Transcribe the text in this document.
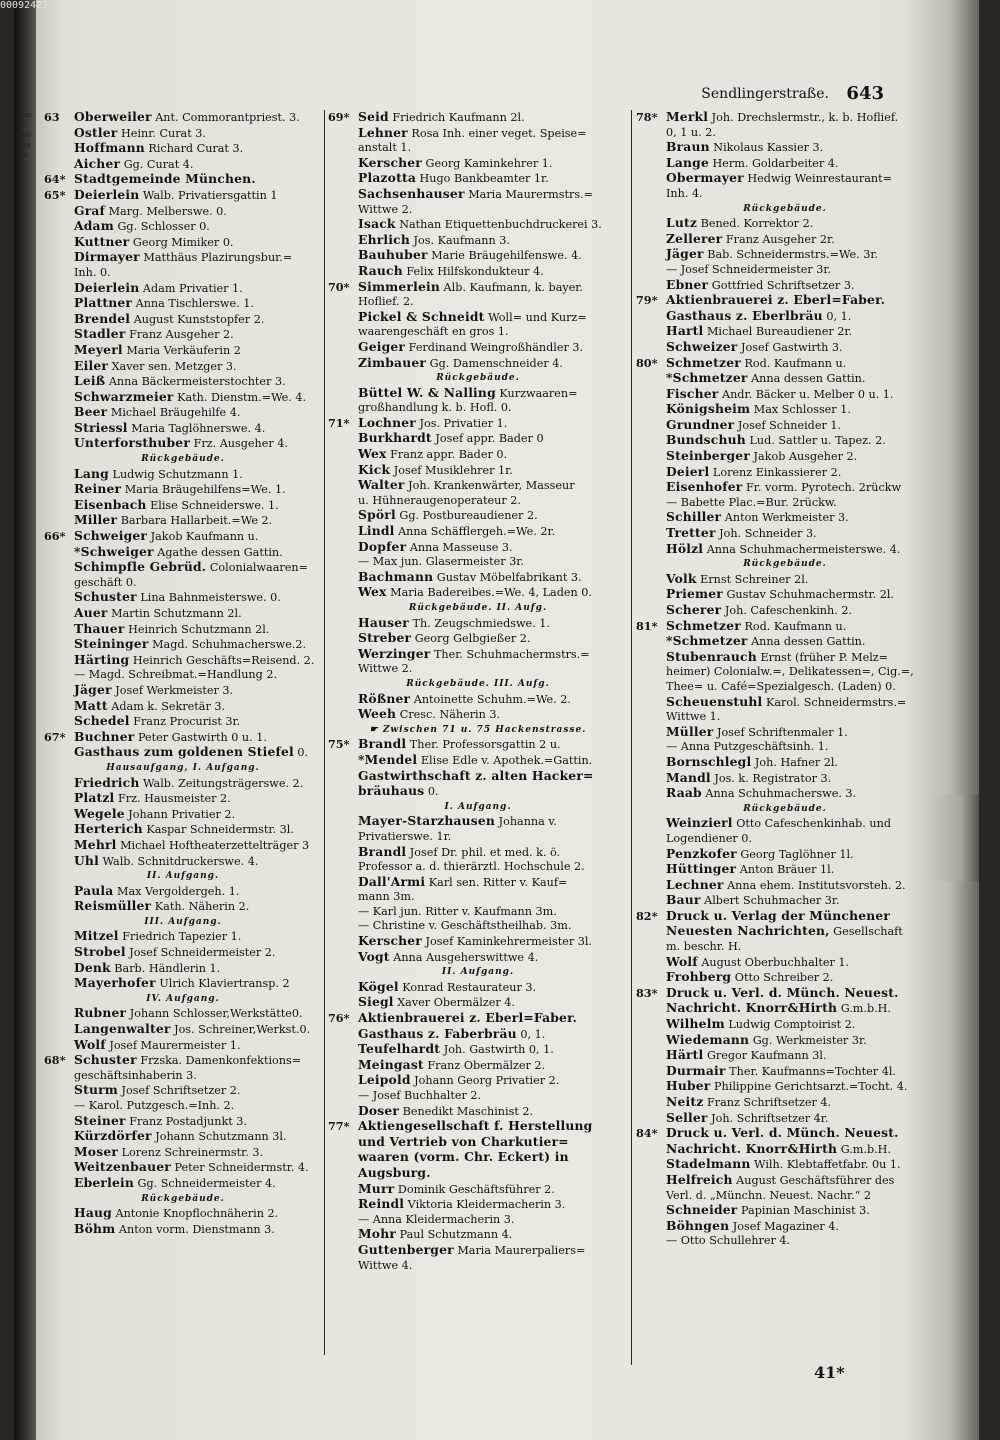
sgasse Wollwaaren
Sendlingerstraße. 643
63 Oberweiler Ant. Commorantpriest. 3.
Ostler Heinr. Curat 3.
Hoffmann Richard Curat 3.
Aicher Gg. Curat 4.
64* Stadtgemeinde München.
65* Deierlein Walb. Privatiersgattin 1
Graf Marg. Melberswe. 0.
Adam Gg. Schlosser 0.
Kuttner Georg Mimiker 0.
Dirmayer Matthäus Plazirungsbur.=
Inh. 0.
Deierlein Adam Privatier 1.
Plattner Anna Tischlerswe. 1.
Brendel August Kunststopfer 2.
Stadler Franz Ausgeher 2.
Meyerl Maria Verkäuferin 2
Eiler Xaver sen. Metzger 3.
Leiß Anna Bäckermeisterstochter 3.
Schwarzmeier Kath. Dienstm.=We. 4.
Beer Michael Bräugehilfe 4.
Striessl Maria Taglöhnerswe. 4.
Unterforsthuber Frz. Ausgeher 4.
Rückgebäude.
Lang Ludwig Schutzmann 1.
Reiner Maria Bräugehilfens=We. 1.
Eisenbach Elise Schneiderswe. 1.
Miller Barbara Hallarbeit.=We 2.
66* Schweiger Jakob Kaufmann u.
*Schweiger Agathe dessen Gattin.
Schimpfle Gebrüd. Colonialwaaren=
geschäft 0.
Schuster Lina Bahnmeisterswe. 0.
Auer Martin Schutzmann 2l.
Thauer Heinrich Schutzmann 2l.
Steininger Magd. Schuhmacherswe.2.
Härting Heinrich Geschäfts=Reisend. 2.
— Magd. Schreibmat.=Handlung 2.
Jäger Josef Werkmeister 3.
Matt Adam k. Sekretär 3.
Schedel Franz Procurist 3r.
67* Buchner Peter Gastwirth 0 u. 1.
Gasthaus zum goldenen Stiefel 0.
Hausaufgang, I. Aufgang.
Friedrich Walb. Zeitungsträgerswe. 2.
Platzl Frz. Hausmeister 2.
Wegele Johann Privatier 2.
Herterich Kaspar Schneidermstr. 3l.
Mehrl Michael Hoftheaterzettelträger 3
Uhl Walb. Schnitdruckerswe. 4.
II. Aufgang.
Paula Max Vergoldergeh. 1.
Reismüller Kath. Näherin 2.
III. Aufgang.
Mitzel Friedrich Tapezier 1.
Strobel Josef Schneidermeister 2.
Denk Barb. Händlerin 1.
Mayerhofer Ulrich Klaviertransp. 2
IV. Aufgang.
Rubner Johann Schlosser,Werkstätte0.
Langenwalter Jos. Schreiner,Werkst.0.
Wolf Josef Maurermeister 1.
68* Schuster Frzska. Damenkonfektions=
geschäftsinhaberin 3.
Sturm Josef Schriftsetzer 2.
— Karol. Putzgesch.=Inh. 2.
Steiner Franz Postadjunkt 3.
Kürzdörfer Johann Schutzmann 3l.
Moser Lorenz Schreinermstr. 3.
Weitzenbauer Peter Schneidermstr. 4.
Eberlein Gg. Schneidermeister 4.
Rückgebäude.
Haug Antonie Knopflochnäherin 2.
Böhm Anton vorm. Dienstmann 3.
69* Seid Friedrich Kaufmann 2l.
Lehner Rosa Inh. einer veget. Speise=
anstalt 1.
Kerscher Georg Kaminkehrer 1.
Plazotta Hugo Bankbeamter 1r.
Sachsenhauser Maria Maurermstrs.=
Wittwe 2.
Isack Nathan Etiquettenbuchdruckerei 3.
Ehrlich Jos. Kaufmann 3.
Bauhuber Marie Bräugehilfenswe. 4.
Rauch Felix Hilfskondukteur 4.
70* Simmerlein Alb. Kaufmann, k. bayer.
Hoflief. 2.
Pickel & Schneidt Woll= und Kurz=
waarengeschäft en gros 1.
Geiger Ferdinand Weingroßhändler 3.
Zimbauer Gg. Damenschneider 4.
Rückgebäude.
Büttel W. & Nalling Kurzwaaren=
großhandlung k. b. Hofl. 0.
71* Lochner Jos. Privatier 1.
Burkhardt Josef appr. Bader 0
Wex Franz appr. Bader 0.
Kick Josef Musiklehrer 1r.
Walter Joh. Krankenwärter, Masseur
u. Hühneraugenoperateur 2.
Spörl Gg. Postbureaudiener 2.
Lindl Anna Schäfflergeh.=We. 2r.
Dopfer Anna Masseuse 3.
— Max jun. Glasermeister 3r.
Bachmann Gustav Möbelfabrikant 3.
Wex Maria Badereibes.=We. 4, Laden 0.
Rückgebäude. II. Aufg.
Hauser Th. Zeugschmiedswe. 1.
Streber Georg Gelbgießer 2.
Werzinger Ther. Schuhmachermstrs.=
Wittwe 2.
Rückgebäude. III. Aufg.
Rößner Antoinette Schuhm.=We. 2.
Weeh Cresc. Näherin 3.
☛ Zwischen 71 u. 75 Hackenstrasse.
75* Brandl Ther. Professorsgattin 2 u.
*Mendel Elise Edle v. Apothek.=Gattin.
Gastwirthschaft z. alten Hacker=
bräuhaus 0.
I. Aufgang.
Mayer-Starzhausen Johanna v.
Privatierswe. 1r.
Brandl Josef Dr. phil. et med. k. ö.
Professor a. d. thierärztl. Hochschule 2.
Dall'Armi Karl sen. Ritter v. Kauf=
mann 3m.
— Karl jun. Ritter v. Kaufmann 3m.
— Christine v. Geschäftstheilhab. 3m.
Kerscher Josef Kaminkehrermeister 3l.
Vogt Anna Ausgeherswittwe 4.
II. Aufgang.
Kögel Konrad Restaurateur 3.
Siegl Xaver Obermälzer 4.
76* Aktienbrauerei z. Eberl=Faber.
Gasthaus z. Faberbräu 0, 1.
Teufelhardt Joh. Gastwirth 0, 1.
Meingast Franz Obermälzer 2.
Leipold Johann Georg Privatier 2.
— Josef Buchhalter 2.
Doser Benedikt Maschinist 2.
77* Aktiengesellschaft f. Herstellung
und Vertrieb von Charkutier=
waaren (vorm. Chr. Eckert) in
Augsburg.
Murr Dominik Geschäftsführer 2.
Reindl Viktoria Kleidermacherin 3.
— Anna Kleidermacherin 3.
Mohr Paul Schutzmann 4.
Guttenberger Maria Maurerpaliers=
Wittwe 4.
78* Merkl Joh. Drechslermstr., k. b. Hoflief.
0, 1 u. 2.
Braun Nikolaus Kassier 3.
Lange Herm. Goldarbeiter 4.
Obermayer Hedwig Weinrestaurant=
Inh. 4.
Rückgebäude.
Lutz Bened. Korrektor 2.
Zellerer Franz Ausgeher 2r.
Jäger Bab. Schneidermstrs.=We. 3r.
— Josef Schneidermeister 3r.
Ebner Gottfried Schriftsetzer 3.
79* Aktienbrauerei z. Eberl=Faber.
Gasthaus z. Eberlbräu 0, 1.
Hartl Michael Bureaudiener 2r.
Schweizer Josef Gastwirth 3.
80* Schmetzer Rod. Kaufmann u.
*Schmetzer Anna dessen Gattin.
Fischer Andr. Bäcker u. Melber 0 u. 1.
Königsheim Max Schlosser 1.
Grundner Josef Schneider 1.
Bundschuh Lud. Sattler u. Tapez. 2.
Steinberger Jakob Ausgeher 2.
Deierl Lorenz Einkassierer 2.
Eisenhofer Fr. vorm. Pyrotech. 2rückw
— Babette Plac.=Bur. 2rückw.
Schiller Anton Werkmeister 3.
Tretter Joh. Schneider 3.
Hölzl Anna Schuhmachermeisterswe. 4.
Rückgebäude.
Volk Ernst Schreiner 2l.
Priemer Gustav Schuhmachermstr. 2l.
Scherer Joh. Cafeschenkinh. 2.
81* Schmetzer Rod. Kaufmann u.
*Schmetzer Anna dessen Gattin.
Stubenrauch Ernst (früher P. Melz=
heimer) Colonialw.=, Delikatessen=, Cig.=,
Thee= u. Café=Spezialgesch. (Laden) 0.
Scheuenstuhl Karol. Schneidermstrs.=
Wittwe 1.
Müller Josef Schriftenmaler 1.
— Anna Putzgeschäftsinh. 1.
Bornschlegl Joh. Hafner 2l.
Mandl Jos. k. Registrator 3.
Raab Anna Schuhmacherswe. 3.
Rückgebäude.
Weinzierl Otto Cafeschenkinhab. und
Logendiener 0.
Penzkofer Georg Taglöhner 1l.
Hüttinger Anton Bräuer 1l.
Lechner Anna ehem. Institutsvorsteh. 2.
Baur Albert Schuhmacher 3r.
82* Druck u. Verlag der Münchener
Neuesten Nachrichten, Gesellschaft
m. beschr. H.
Wolf August Oberbuchhalter 1.
Frohberg Otto Schreiber 2.
83* Druck u. Verl. d. Münch. Neuest.
Nachricht. Knorr&Hirth G.m.b.H.
Wilhelm Ludwig Comptoirist 2.
Wiedemann Gg. Werkmeister 3r.
Härtl Gregor Kaufmann 3l.
Durmair Ther. Kaufmanns=Tochter 4l.
Huber Philippine Gerichtsarzt.=Tocht. 4.
Neitz Franz Schriftsetzer 4.
Seller Joh. Schriftsetzer 4r.
84* Druck u. Verl. d. Münch. Neuest.
Nachricht. Knorr&Hirth G.m.b.H.
Stadelmann Wilh. Klebtaffetfabr. 0u 1.
Helfreich August Geschäftsführer des
Verl. d. „Münchn. Neuest. Nachr.“ 2
Schneider Papinian Maschinist 3.
Böhngen Josef Magaziner 4.
— Otto Schullehrer 4.
41*
00092427
